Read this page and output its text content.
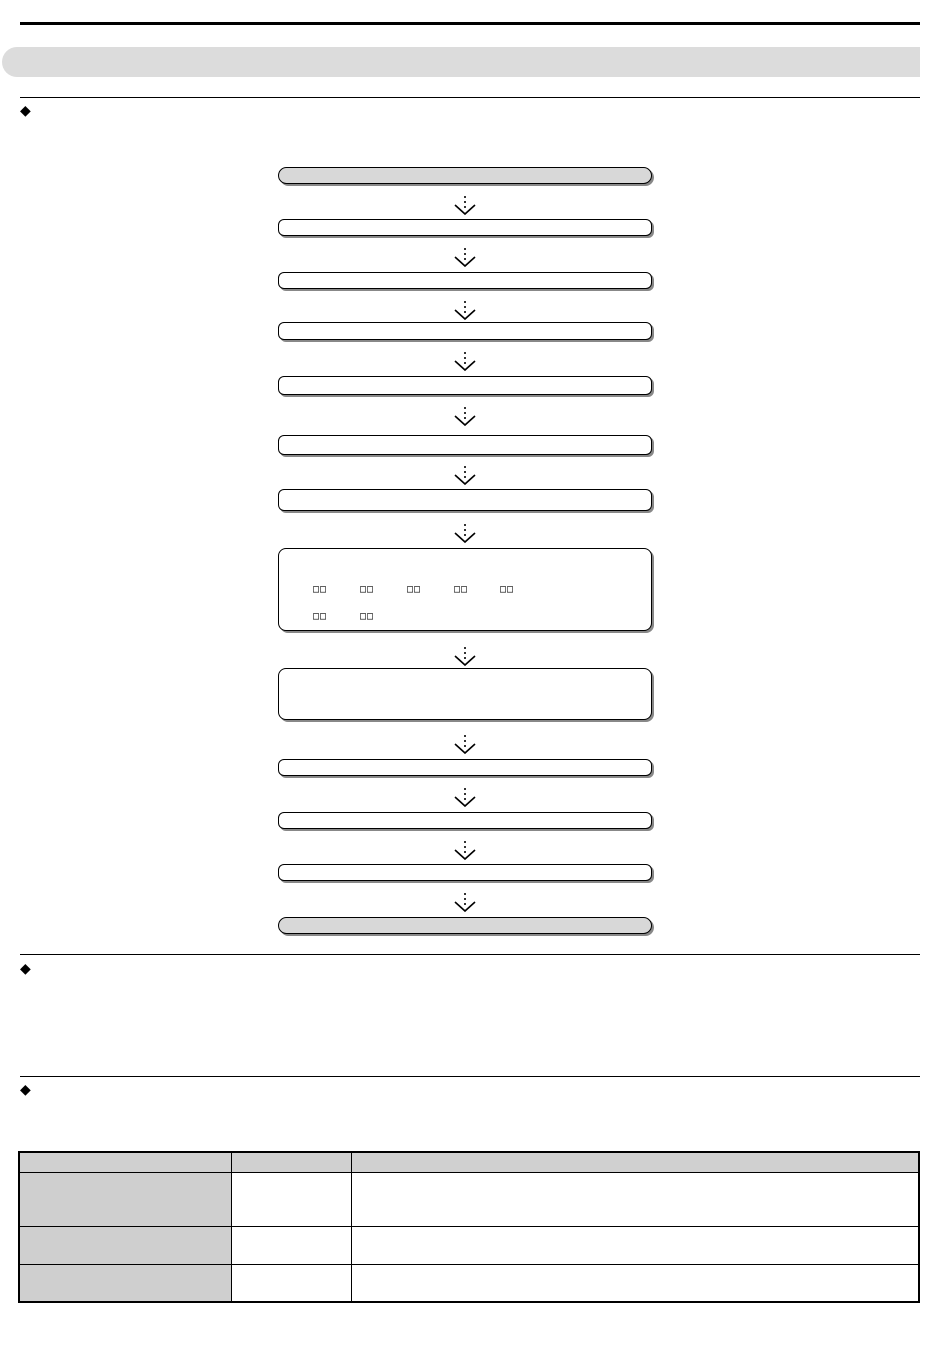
◆
□□	□□	□□	□□	□□
□□	□□
◆
◆
